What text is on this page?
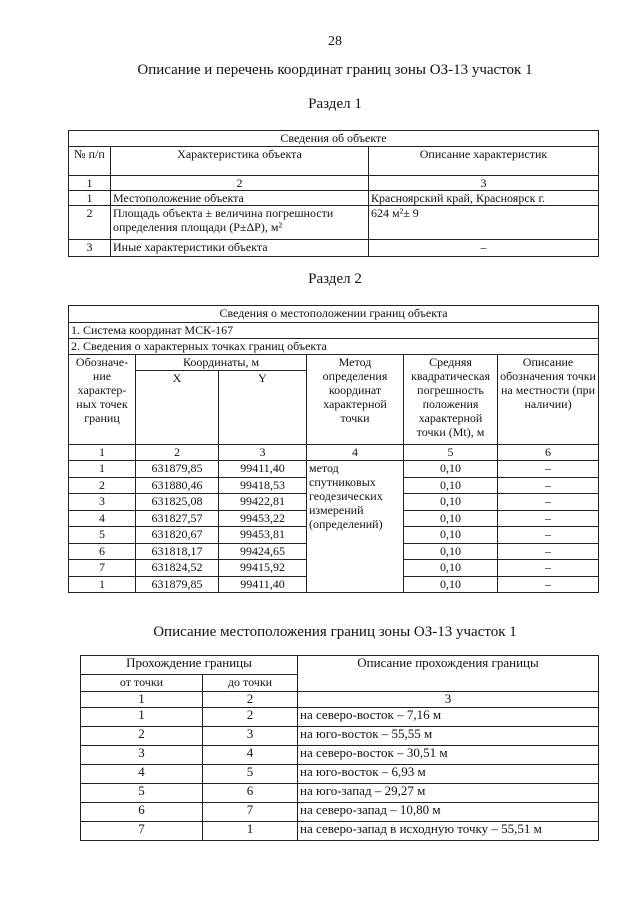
28
Описание и перечень координат границ зоны ОЗ-13 участок 1
Раздел 1
Сведения об объекте		
№ п/п	Характеристика объекта	Описание характеристик
1	2	3
1	Местоположение объекта	Красноярский край, Красноярск г.
2	Площадь объекта ± величина погрешности определения площади (P±ΔP), м²	624 м²± 9
3	Иные характеристики объекта	–
Раздел 2
Сведения о местоположении границ объекта					
1. Система координат МСК-167					
2. Сведения о характерных точках границ объекта					
Обозначе-ние характер-ных точек границ	Координаты, м		Метод определения координат характерной точки	Средняя квадратическая погрешность положения характерной точки (Mt), м	Описание обозначения точки на местности (при наличии)
	X	Y			
1	2	3	4	5	6
1	631879,85	99411,40	метод спутниковых геодезических измерений (определений)	0,10	–
2	631880,46	99418,53		0,10	–
3	631825,08	99422,81		0,10	–
4	631827,57	99453,22		0,10	–
5	631820,67	99453,81		0,10	–
6	631818,17	99424,65		0,10	–
7	631824,52	99415,92		0,10	–
1	631879,85	99411,40		0,10	–
Описание местоположения границ зоны ОЗ-13 участок 1
Прохождение границы		Описание прохождения границы
от точки	до точки	
1	2	3
1	2	на северо-восток – 7,16 м
2	3	на юго-восток – 55,55 м
3	4	на северо-восток – 30,51 м
4	5	на юго-восток – 6,93 м
5	6	на юго-запад – 29,27 м
6	7	на северо-запад – 10,80 м
7	1	на северо-запад в исходную точку – 55,51 м
